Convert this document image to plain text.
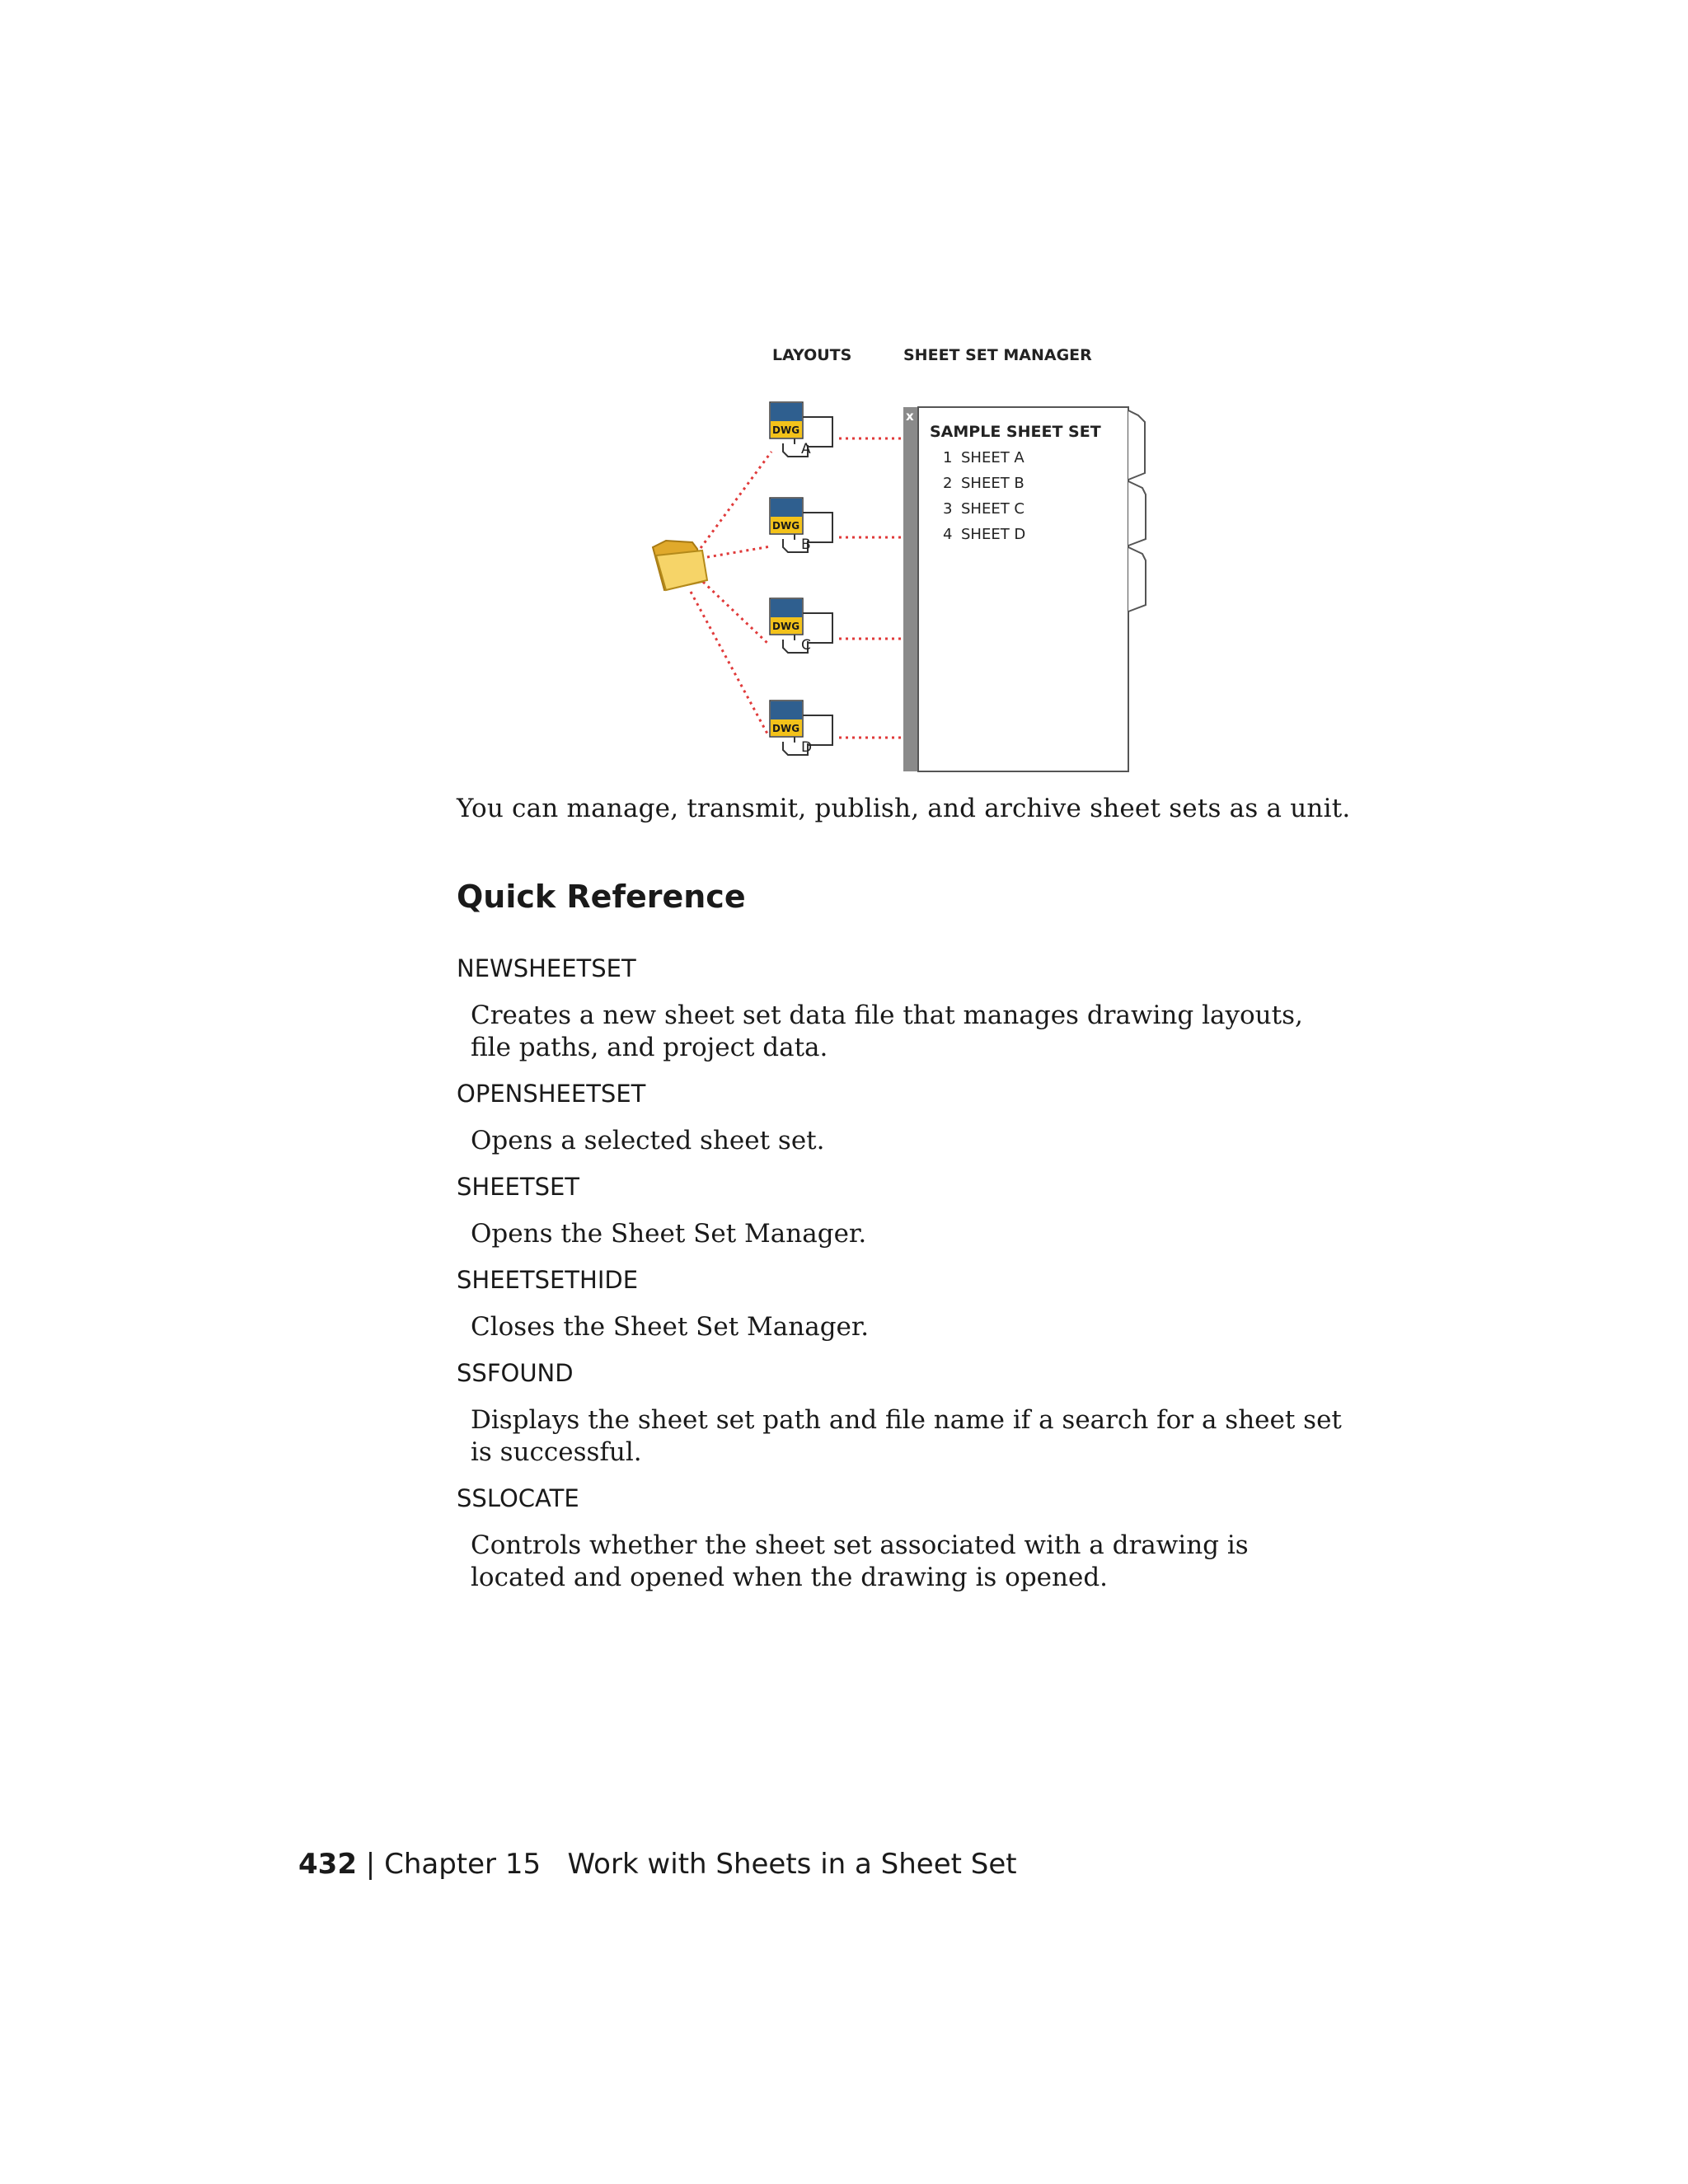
LAYOUTS	SHEET SET MANAGER
DWG
A
DWG
B
DWG
C
DWG
D
x
SAMPLE SHEET SET
1 SHEET A
2 SHEET B
3 SHEET C
4 SHEET D
You can manage, transmit, publish, and archive sheet sets as a unit.
Quick Reference
NEWSHEETSET
Creates a new sheet set data file that manages drawing layouts, file paths, and project data.
OPENSHEETSET
Opens a selected sheet set.
SHEETSET
Opens the Sheet Set Manager.
SHEETSETHIDE
Closes the Sheet Set Manager.
SSFOUND
Displays the sheet set path and file name if a search for a sheet set is successful.
SSLOCATE
Controls whether the sheet set associated with a drawing is located and opened when the drawing is opened.
432 | Chapter 15 Work with Sheets in a Sheet Set
